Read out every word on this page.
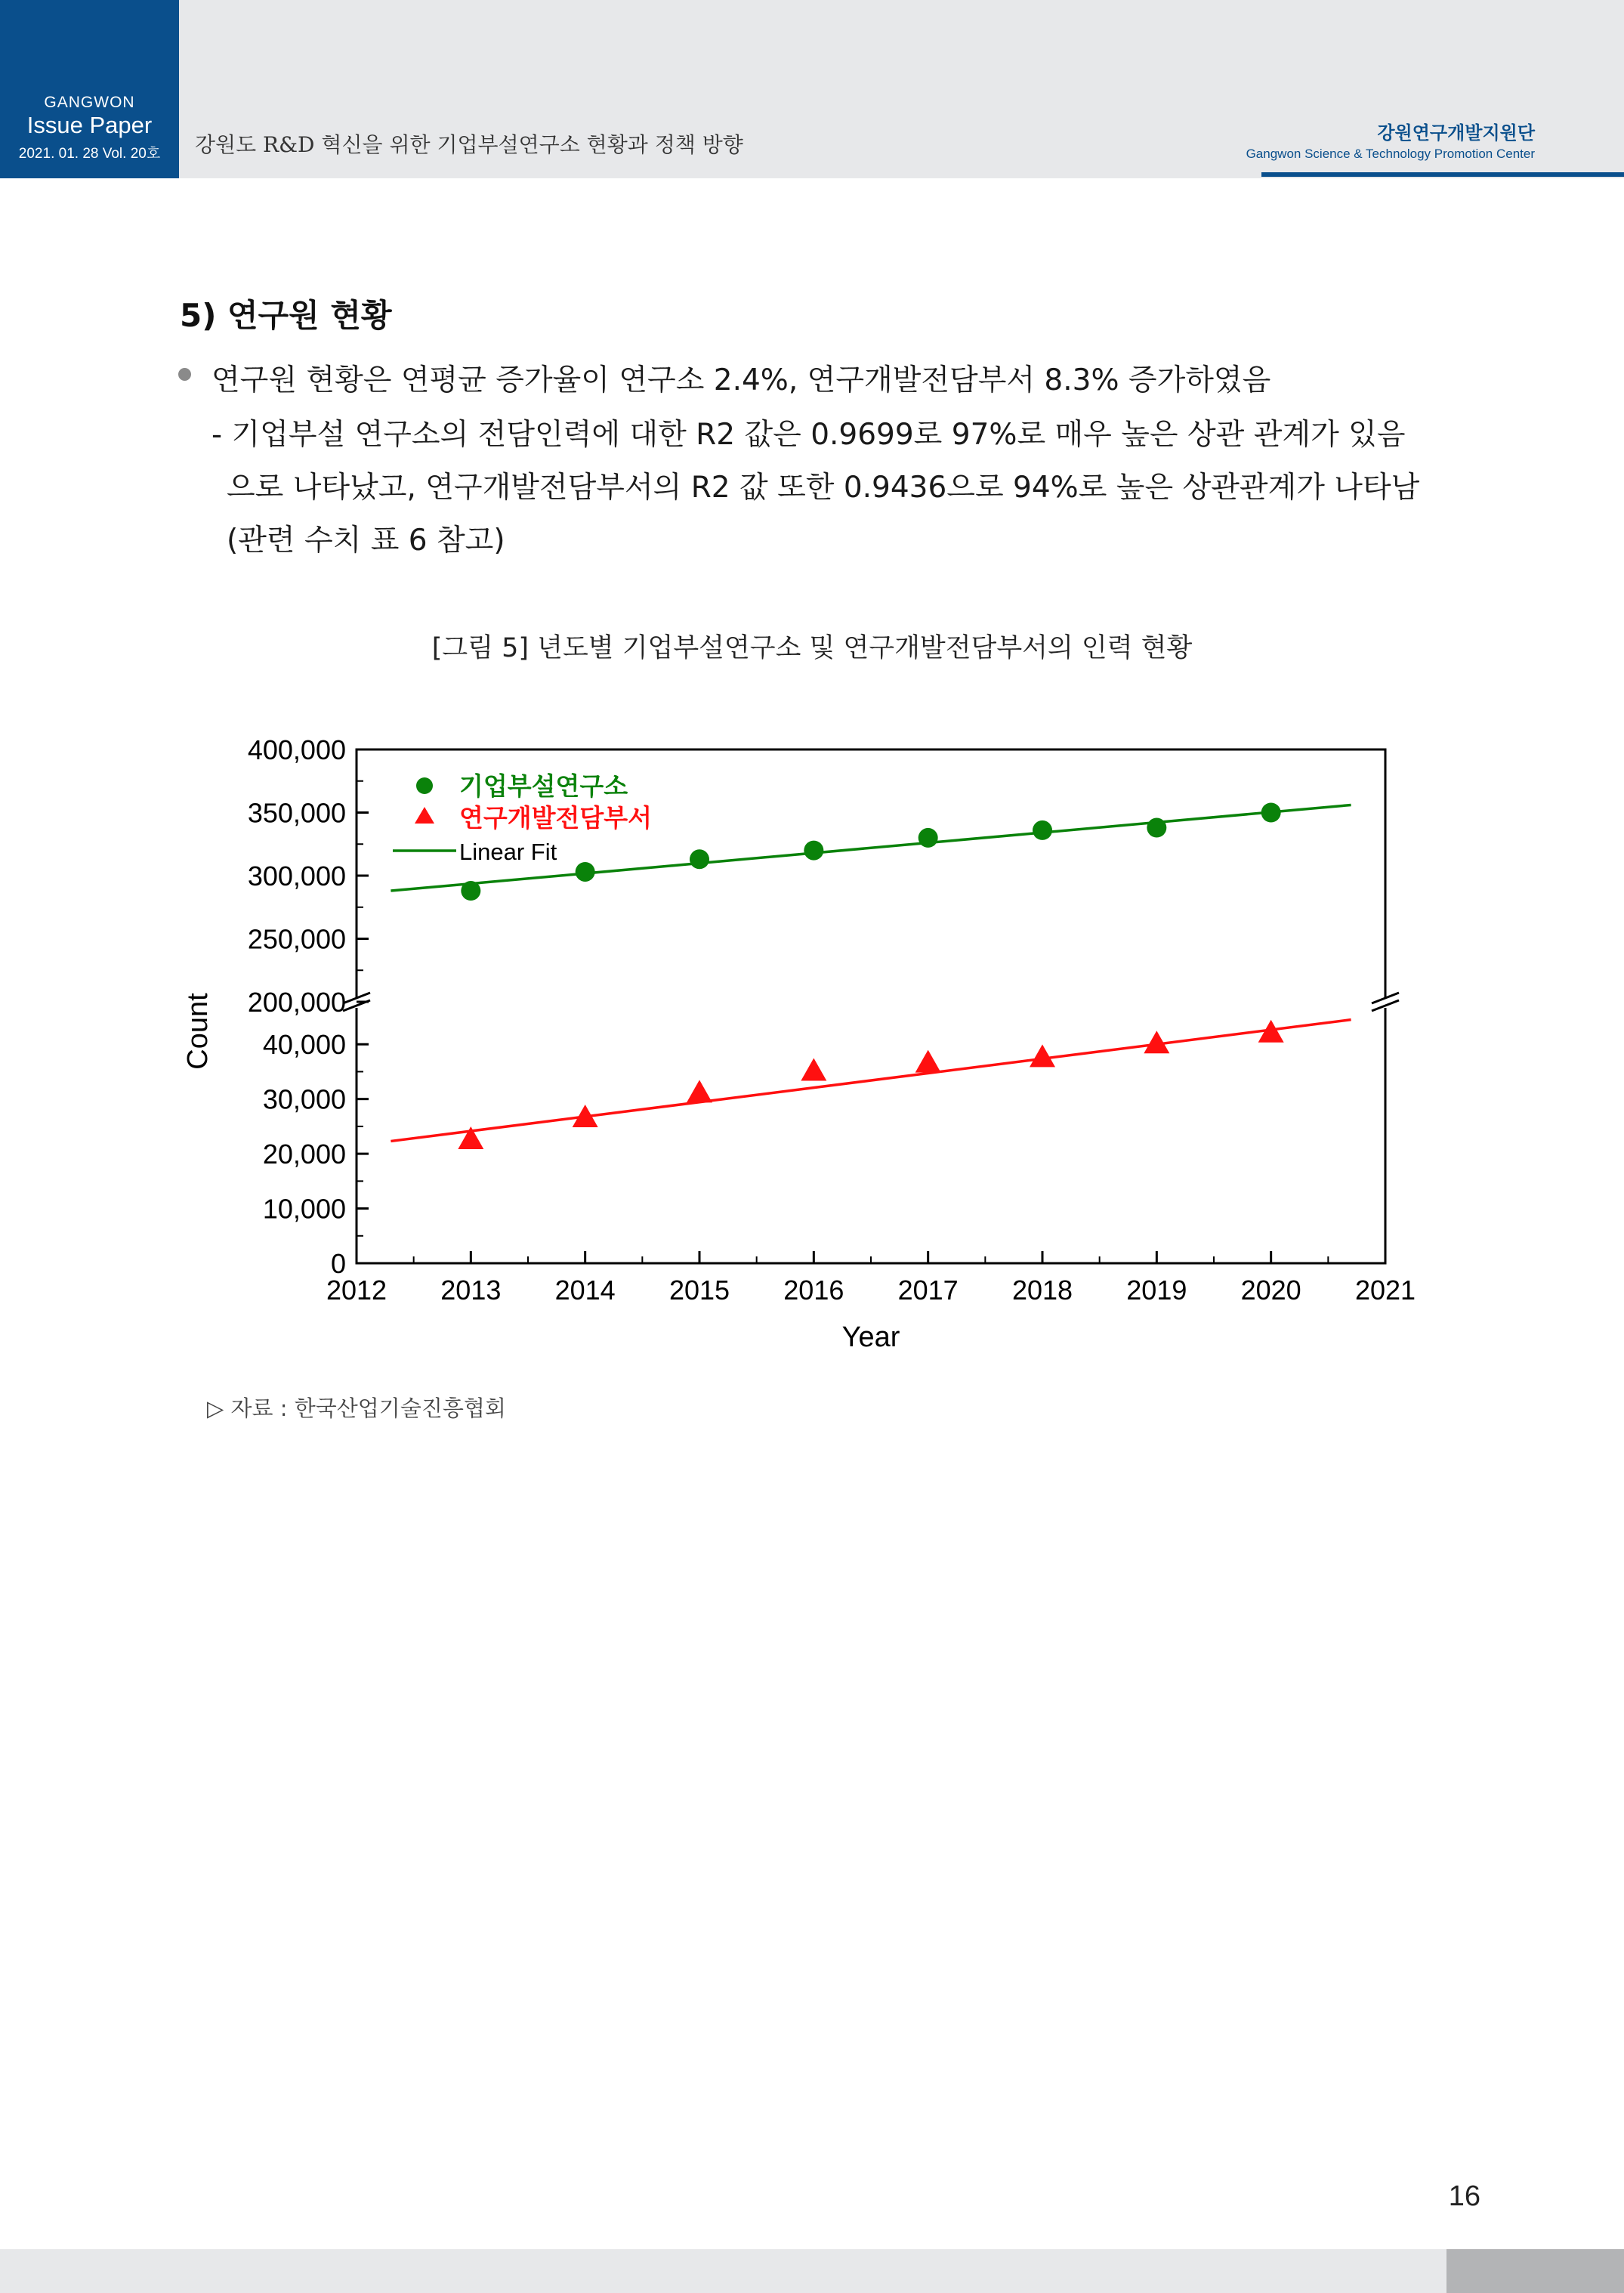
GANGWON
Issue Paper
2021. 01. 28 Vol. 20호	강원도 R&D 혁신을 위한 기업부설연구소 현황과 정책 방향	강원연구개발지원단
Gangwon Science & Technology Promotion Center
5) 연구원 현황
연구원 현황은 연평균 증가율이 연구소 2.4%, 연구개발전담부서 8.3% 증가하였음
- 기업부설 연구소의 전담인력에 대한 R2 값은 0.9699로 97%로 매우 높은 상관 관계가 있음
으로 나타났고, 연구개발전담부서의 R2 값 또한 0.9436으로 94%로 높은 상관관계가 나타남
(관련 수치 표 6 참고)
[그림 5] 년도별 기업부설연구소 및 연구개발전담부서의 인력 현황
2012 2013 2014 2015 2016 2017 2018 2019 2020 2021
400,000
350,000
300,000
250,000
200,000
40,000
30,000
20,000
10,000
0
Year
Count
기업부설연구소
연구개발전담부서
Linear Fit
▷ 자료 : 한국산업기술진흥협회
16
